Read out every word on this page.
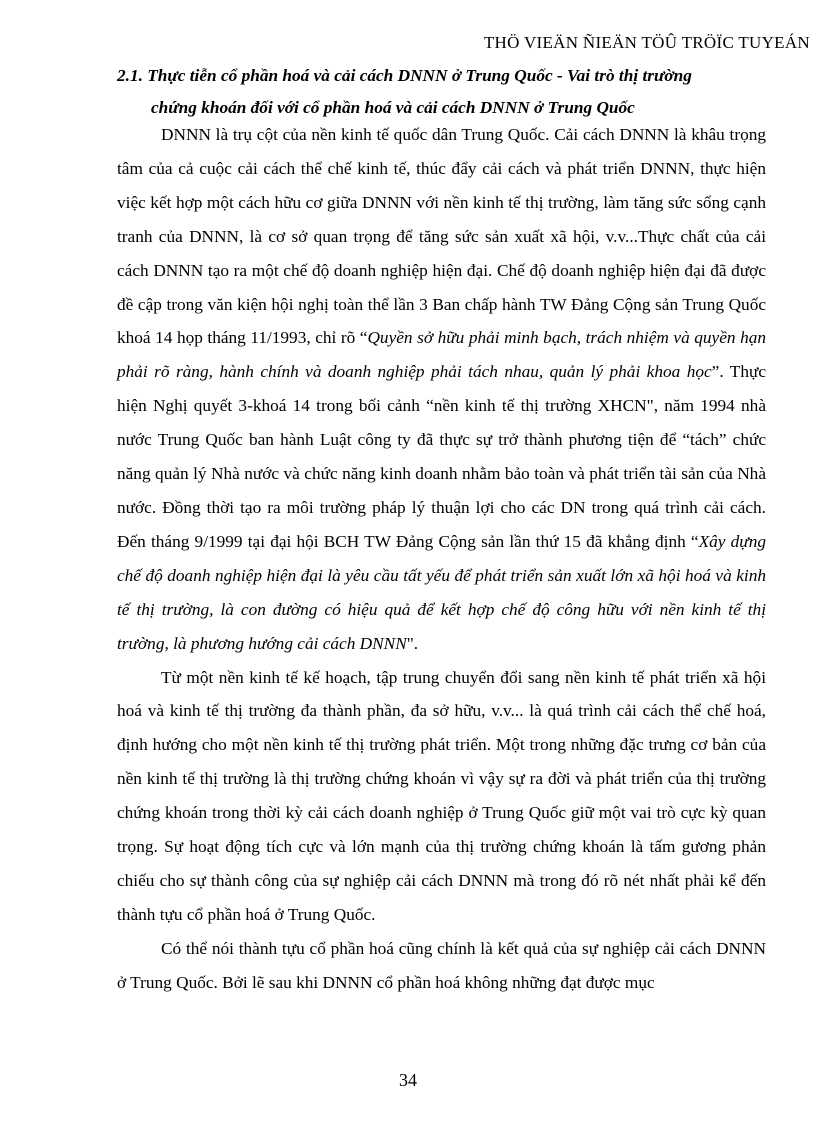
THÖ VIEÄN ÑIEÄN TÖÛ TRÖÏC TUYEÁN
2.1. Thực tiễn cổ phần hoá và cải cách DNNN ở Trung Quốc - Vai trò thị trường
chứng khoán đối với cổ phần hoá và cải cách DNNN ở Trung Quốc

DNNN là trụ cột của nền kinh tế quốc dân Trung Quốc. Cải cách DNNN là khâu trọng tâm của cả cuộc cải cách thể chế kinh tế, thúc đẩy cải cách và phát triển DNNN, thực hiện việc kết hợp một cách hữu cơ giữa DNNN với nền kinh tế thị trường, làm tăng sức sống cạnh tranh của DNNN, là cơ sở quan trọng để tăng sức sản xuất xã hội, v.v...Thực chất của cải cách DNNN tạo ra một chế độ doanh nghiệp hiện đại. Chế độ doanh nghiệp hiện đại đã được đề cập trong văn kiện hội nghị toàn thể lần 3 Ban chấp hành TW Đảng Cộng sản Trung Quốc khoá 14 họp tháng 11/1993, chỉ rõ “Quyền sở hữu phải minh bạch, trách nhiệm và quyền hạn phải rõ ràng, hành chính và doanh nghiệp phải tách nhau, quản lý phải khoa học”. Thực hiện Nghị quyết 3-khoá 14 trong bối cảnh “nền kinh tế thị trường XHCN", năm 1994 nhà nước Trung Quốc ban hành Luật công ty đã thực sự trở thành phương tiện để “tách” chức năng quản lý Nhà nước và chức năng kinh doanh nhằm bảo toàn và phát triển tài sản của Nhà nước. Đồng thời tạo ra môi trường pháp lý thuận lợi cho các DN trong quá trình cải cách. Đến tháng 9/1999 tại đại hội BCH TW Đảng Cộng sản lần thứ 15 đã khẳng định “Xây dựng chế độ doanh nghiệp hiện đại là yêu cầu tất yếu để phát triển sản xuất lớn xã hội hoá và kinh tế thị trường, là con đường có hiệu quả để kết hợp chế độ công hữu với nền kinh tế thị trường, là phương hướng cải cách DNNN".

Từ một nền kinh tế kế hoạch, tập trung chuyển đổi sang nền kinh tế phát triển xã hội hoá và kinh tế thị trường đa thành phần, đa sở hữu, v.v... là quá trình cải cách thể chế hoá, định hướng cho một nền kinh tế thị trường phát triển. Một trong những đặc trưng cơ bản của nền kinh tế thị trường là thị trường chứng khoán vì vậy sự ra đời và phát triển của thị trường chứng khoán trong thời kỳ cải cách doanh nghiệp ở Trung Quốc giữ một vai trò cực kỳ quan trọng. Sự hoạt động tích cực và lớn mạnh của thị trường chứng khoán là tấm gương phản chiếu cho sự thành công của sự nghiệp cải cách DNNN mà trong đó rõ nét nhất phải kể đến thành tựu cổ phần hoá ở Trung Quốc.

Có thể nói thành tựu cổ phần hoá cũng chính là kết quả của sự nghiệp cải cách DNNN ở Trung Quốc. Bởi lẽ sau khi DNNN cổ phần hoá không những đạt được mục

34
